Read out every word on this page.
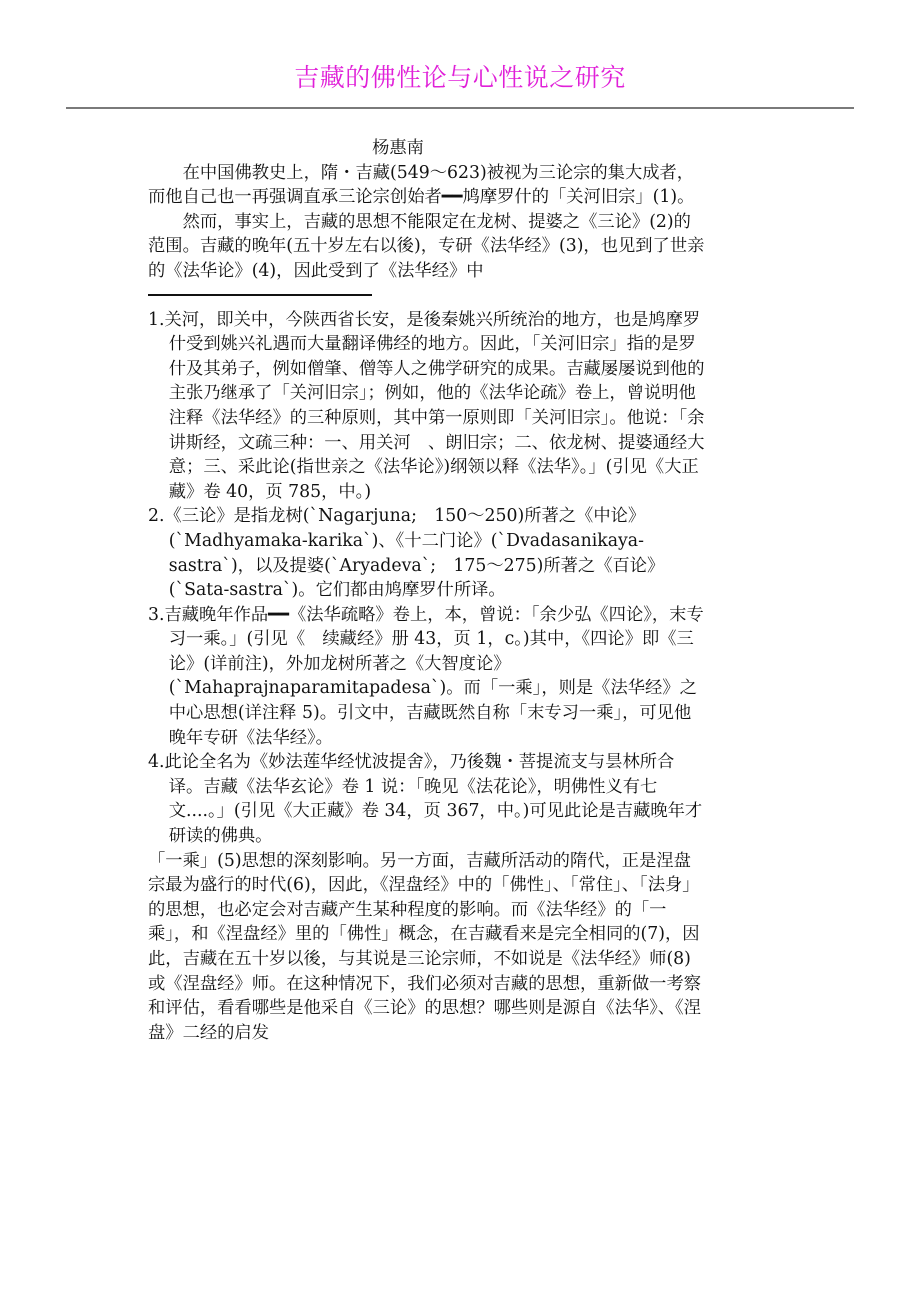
吉藏的佛性论与心性说之研究

杨惠南

在中国佛教史上，隋・吉藏(549～623)被视为三论宗的集大成者，而他自己也一再强调直承三论宗创始者━━鸠摩罗什的「关河旧宗」(1)。

然而，事实上，吉藏的思想不能限定在龙树、提婆之《三论》(2)的范围。吉藏的晚年(五十岁左右以後)，专研《法华经》(3)，也见到了世亲的《法华论》(4)，因此受到了《法华经》中

1.关河，即关中，今陕西省长安，是後秦姚兴所统治的地方，也是鸠摩罗什受到姚兴礼遇而大量翻译佛经的地方。因此，「关河旧宗」指的是罗什及其弟子，例如僧肇、僧等人之佛学研究的成果。吉藏屡屡说到他的主张乃继承了「关河旧宗」；例如，他的《法华论疏》卷上，曾说明他注释《法华经》的三种原则，其中第一原则即「关河旧宗」。他说：「余讲斯经，文疏三种：一、用关河　、朗旧宗；二、依龙树、提婆通经大意；三、采此论(指世亲之《法华论》)纲领以释《法华》。」(引见《大正藏》卷 40，页 785，中。)

2.《三论》是指龙树(`Nagarjuna;　150～250)所著之《中论》(`Madhyamaka-karika`)、《十二门论》(`Dvadasanikaya-sastra`)，以及提婆(`Aryadeva`;　175～275)所著之《百论》(`Sata-sastra`)。它们都由鸠摩罗什所译。

3.吉藏晚年作品━━《法华疏略》卷上，本，曾说：「余少弘《四论》，末专习一乘。」(引见《　续藏经》册 43，页 1，c。)其中，《四论》即《三论》(详前注)，外加龙树所著之《大智度论》(`Mahaprajnaparamitapadesa`)。而「一乘」，则是《法华经》之中心思想(详注释 5)。引文中，吉藏既然自称「末专习一乘」，可见他晚年专研《法华经》。

4.此论全名为《妙法莲华经忧波提舍》，乃後魏・菩提流支与昙林所合译。吉藏《法华玄论》卷 1 说：「晚见《法花论》，明佛性义有七文....。」(引见《大正藏》卷 34，页 367，中。)可见此论是吉藏晚年才研读的佛典。

「一乘」(5)思想的深刻影响。另一方面，吉藏所活动的隋代，正是涅盘宗最为盛行的时代(6)，因此，《涅盘经》中的「佛性」、「常住」、「法身」的思想，也必定会对吉藏产生某种程度的影响。而《法华经》的「一乘」，和《涅盘经》里的「佛性」概念，在吉藏看来是完全相同的(7)，因此，吉藏在五十岁以後，与其说是三论宗师，不如说是《法华经》师(8)或《涅盘经》师。在这种情况下，我们必须对吉藏的思想，重新做一考察和评估，看看哪些是他采自《三论》的思想？哪些则是源自《法华》、《涅盘》二经的启发
